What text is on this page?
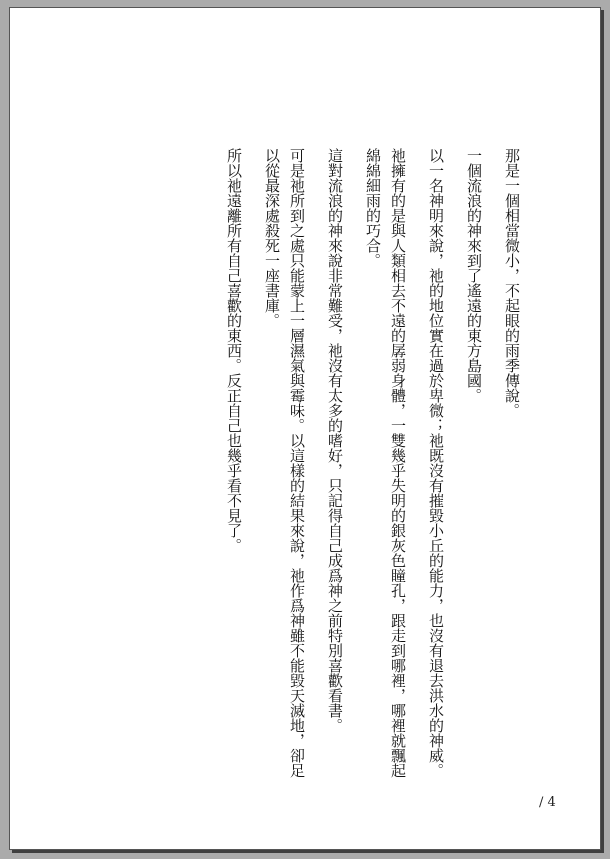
那是一個相當微小，不起眼的雨季傳說。

一個流浪的神來到了遙遠的東方島國。

以一名神明來說，祂的地位實在過於卑微；祂既沒有摧毀小丘的能力，也沒有退去洪水的神威。

祂擁有的是與人類相去不遠的孱弱身體，一雙幾乎失明的銀灰色瞳孔，跟走到哪裡，哪裡就飄起綿綿細雨的巧合。

這對流浪的神來說非常難受，祂沒有太多的嗜好，只記得自己成爲神之前特別喜歡看書。

可是祂所到之處只能蒙上一層濕氣與霉味。以這樣的結果來說，祂作爲神雖不能毀天滅地，卻足以從最深處殺死一座書庫。

所以祂遠離所有自己喜歡的東西。反正自己也幾乎看不見了。

/ 4
